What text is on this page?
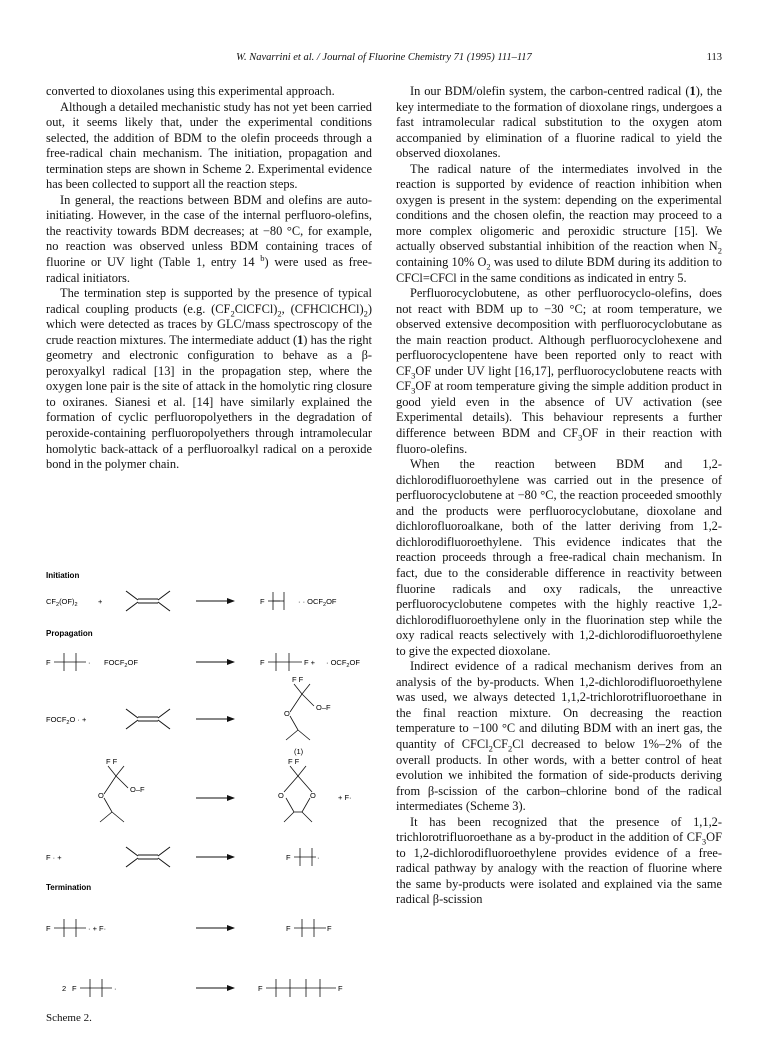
W. Navarrini et al. / Journal of Fluorine Chemistry 71 (1995) 111–117	113

converted to dioxolanes using this experimental approach.

Although a detailed mechanistic study has not yet been carried out, it seems likely that, under the experimental conditions selected, the addition of BDM to the olefin proceeds through a free-radical chain mechanism. The initiation, propagation and termination steps are shown in Scheme 2. Experimental evidence has been collected to support all the reaction steps.

In general, the reactions between BDM and olefins are auto-initiating. However, in the case of the internal perfluoro-olefins, the reactivity towards BDM decreases; at −80 °C, for example, no reaction was observed unless BDM containing traces of fluorine or UV light (Table 1, entry 14 $^b$) were used as free-radical initiators.

The termination step is supported by the presence of typical radical coupling products (e.g. $(CF_2ClCFCl)_2$, $(CFHClCHCl)_2$) which were detected as traces by GLC/mass spectroscopy of the crude reaction mixtures. The intermediate adduct (1) has the right geometry and electronic configuration to behave as a β-peroxyalkyl radical [13] in the propagation step, where the oxygen lone pair is the site of attack in the homolytic ring closure to oxiranes. Sianesi et al. [14] have similarly explained the formation of cyclic perfluoropolyethers in the degradation of peroxide-containing perfluoropolyethers through intramolecular homolytic back-attack of a perfluoroalkyl radical on a peroxide bond in the polymer chain.

In our BDM/olefin system, the carbon-centred radical (1), the key intermediate to the formation of dioxolane rings, undergoes a fast intramolecular radical substitution to the oxygen atom accompanied by elimination of a fluorine radical to yield the observed dioxolanes.

The radical nature of the intermediates involved in the reaction is supported by evidence of reaction inhibition when oxygen is present in the system: depending on the experimental conditions and the chosen olefin, the reaction may proceed to a more complex oligomeric and peroxidic structure [15]. We actually observed substantial inhibition of the reaction when $N_2$ containing 10% $O_2$ was used to dilute BDM during its addition to CFCl=CFCl in the same conditions as indicated in entry 5.

Perfluorocyclobutene, as other perfluorocyclo-olefins, does not react with BDM up to −30 °C; at room temperature, we observed extensive decomposition with perfluorocyclobutane as the main reaction product. Although perfluorocyclohexene and perfluorocyclopentene have been reported only to react with $CF_3OF$ under UV light [16,17], perfluorocyclobutene reacts with $CF_3OF$ at room temperature giving the simple addition product in good yield even in the absence of UV activation (see Experimental details). This behaviour represents a further difference between BDM and $CF_3OF$ in their reaction with fluoro-olefins.

When the reaction between BDM and 1,2-dichlorodifluoroethylene was carried out in the presence of perfluorocyclobutene at −80 °C, the reaction proceeded smoothly and the products were perfluorocyclobutane, dioxolane and dichlorofluoroalkane, both of the latter deriving from 1,2-dichlorodifluoroethylene. This evidence indicates that the reaction proceeds through a free-radical chain mechanism. In fact, due to the considerable difference in reactivity between fluorine radicals and oxy radicals, the unreactive perfluorocyclobutene competes with the highly reactive 1,2-dichlorodifluoroethylene only in the fluorination step while the oxy radical reacts selectively with 1,2-dichlorodifluoroethylene to give the expected dioxolane.

Indirect evidence of a radical mechanism derives from an analysis of the by-products. When 1,2-dichlorodifluoroethylene was used, we always detected 1,1,2-trichlorotrifluoroethane in the final reaction mixture. On decreasing the reaction temperature to −100 °C and diluting BDM with an inert gas, the quantity of $CFCl_2CF_2Cl$ decreased to below 1%–2% of the overall products. In other words, with a better control of heat evolution we inhibited the formation of side-products deriving from β-scission of the carbon–chlorine bond of the radical intermediates (Scheme 3).

It has been recognized that the presence of 1,1,2-trichlorotrifluoroethane as a by-product in the addition of $CF_3OF$ to 1,2-dichlorodifluoroethylene provides evidence of a free-radical pathway by analogy with the reaction of fluorine where the same by-products were isolated and explained via the same radical β-scission

Initiation
$CF_2(OF)_2$	+	F	· · $OCF_2OF$
Propagation
F	· $FOCF_2OF$	F	F + · $OCF_2OF$
$FOCF_2O$ · +
F F
O
O–F
(1)
F F
O
O–F
F F
O	O	+ F·
F · +	F	·
Termination
F	· + F·	F	F
2 F	·	F	F
Scheme 2.
